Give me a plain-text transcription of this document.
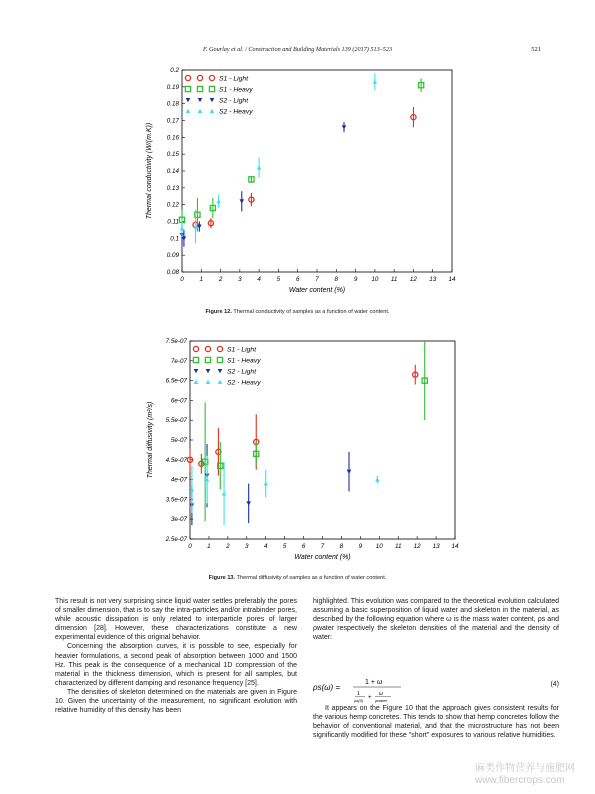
F. Gourlay et al. / Construction and Building Materials 139 (2017) 513–523	521
0	1	2	3	4	5	6	7	8	9 10 11 12 13 14
0.08
0.09
0.1
0.11
0.12
0.13
0.14
0.15
0.16
0.17
0.18
0.19
0.2
Water content (%)
Thermal conductivity (W/(m.K))
S1 - Light
S1 - Heavy
S2 - Light
S2 - Heavy
Figure 12. Thermal conductivity of samples as a function of water content.
0 1 2 3 4 5 6 7 8 9 10 11 12 13 14
2.5e-07
3e-07
3.5e-07
4e-07
4.5e-07
5e-07
5.5e-07
6e-07
6.5e-07
7e-07
7.5e-07
Water content (%)
Thermal diffusivity (m²/s)
S1 - Light
S1 - Heavy
S2 - Light
S2 - Heavy
Figure 13. Thermal diffusivity of samples as a function of water content.

This result is not very surprising since liquid water settles preferably the pores of smaller dimension, that is to say the intra-particles and/or intrabinder pores, while acoustic dissipation is only related to interparticle pores of larger dimension [28]. However, these characterizations constitute a new experimental evidence of this original behavior.

Concerning the absorption curves, it is possible to see, especially for heavier formulations, a second peak of absorption between 1000 and 1500 Hz. This peak is the consequence of a mechanical 1D compression of the material in the thickness dimension, which is present for all samples, but characterized by different damping and resonance frequency [25].

The densities of skeleton determined on the materials are given in Figure 10. Given the uncertainty of the measurement, no significant evolution with relative humidity of this density has been

highlighted. This evolution was compared to the theoretical evolution calculated assuming a basic superposition of liquid water and skeleton in the material, as described by the following equation where ω is the mass water content, ρs and ρwater respectively the skeleton densities of the material and the density of water:

ρs(ω) =
1 + ω
1
ρs(0) +
ω
ρwater
(4)

It appears on the Figure 10 that the approach gives consistent results for the various hemp concretes. This tends to show that hemp concretes follow the behavior of conventional material, and that the microstructure has not been significantly modified for these "short" exposures to various relative humidities.

麻类作物营养与施肥网
www.fibercrops.com
